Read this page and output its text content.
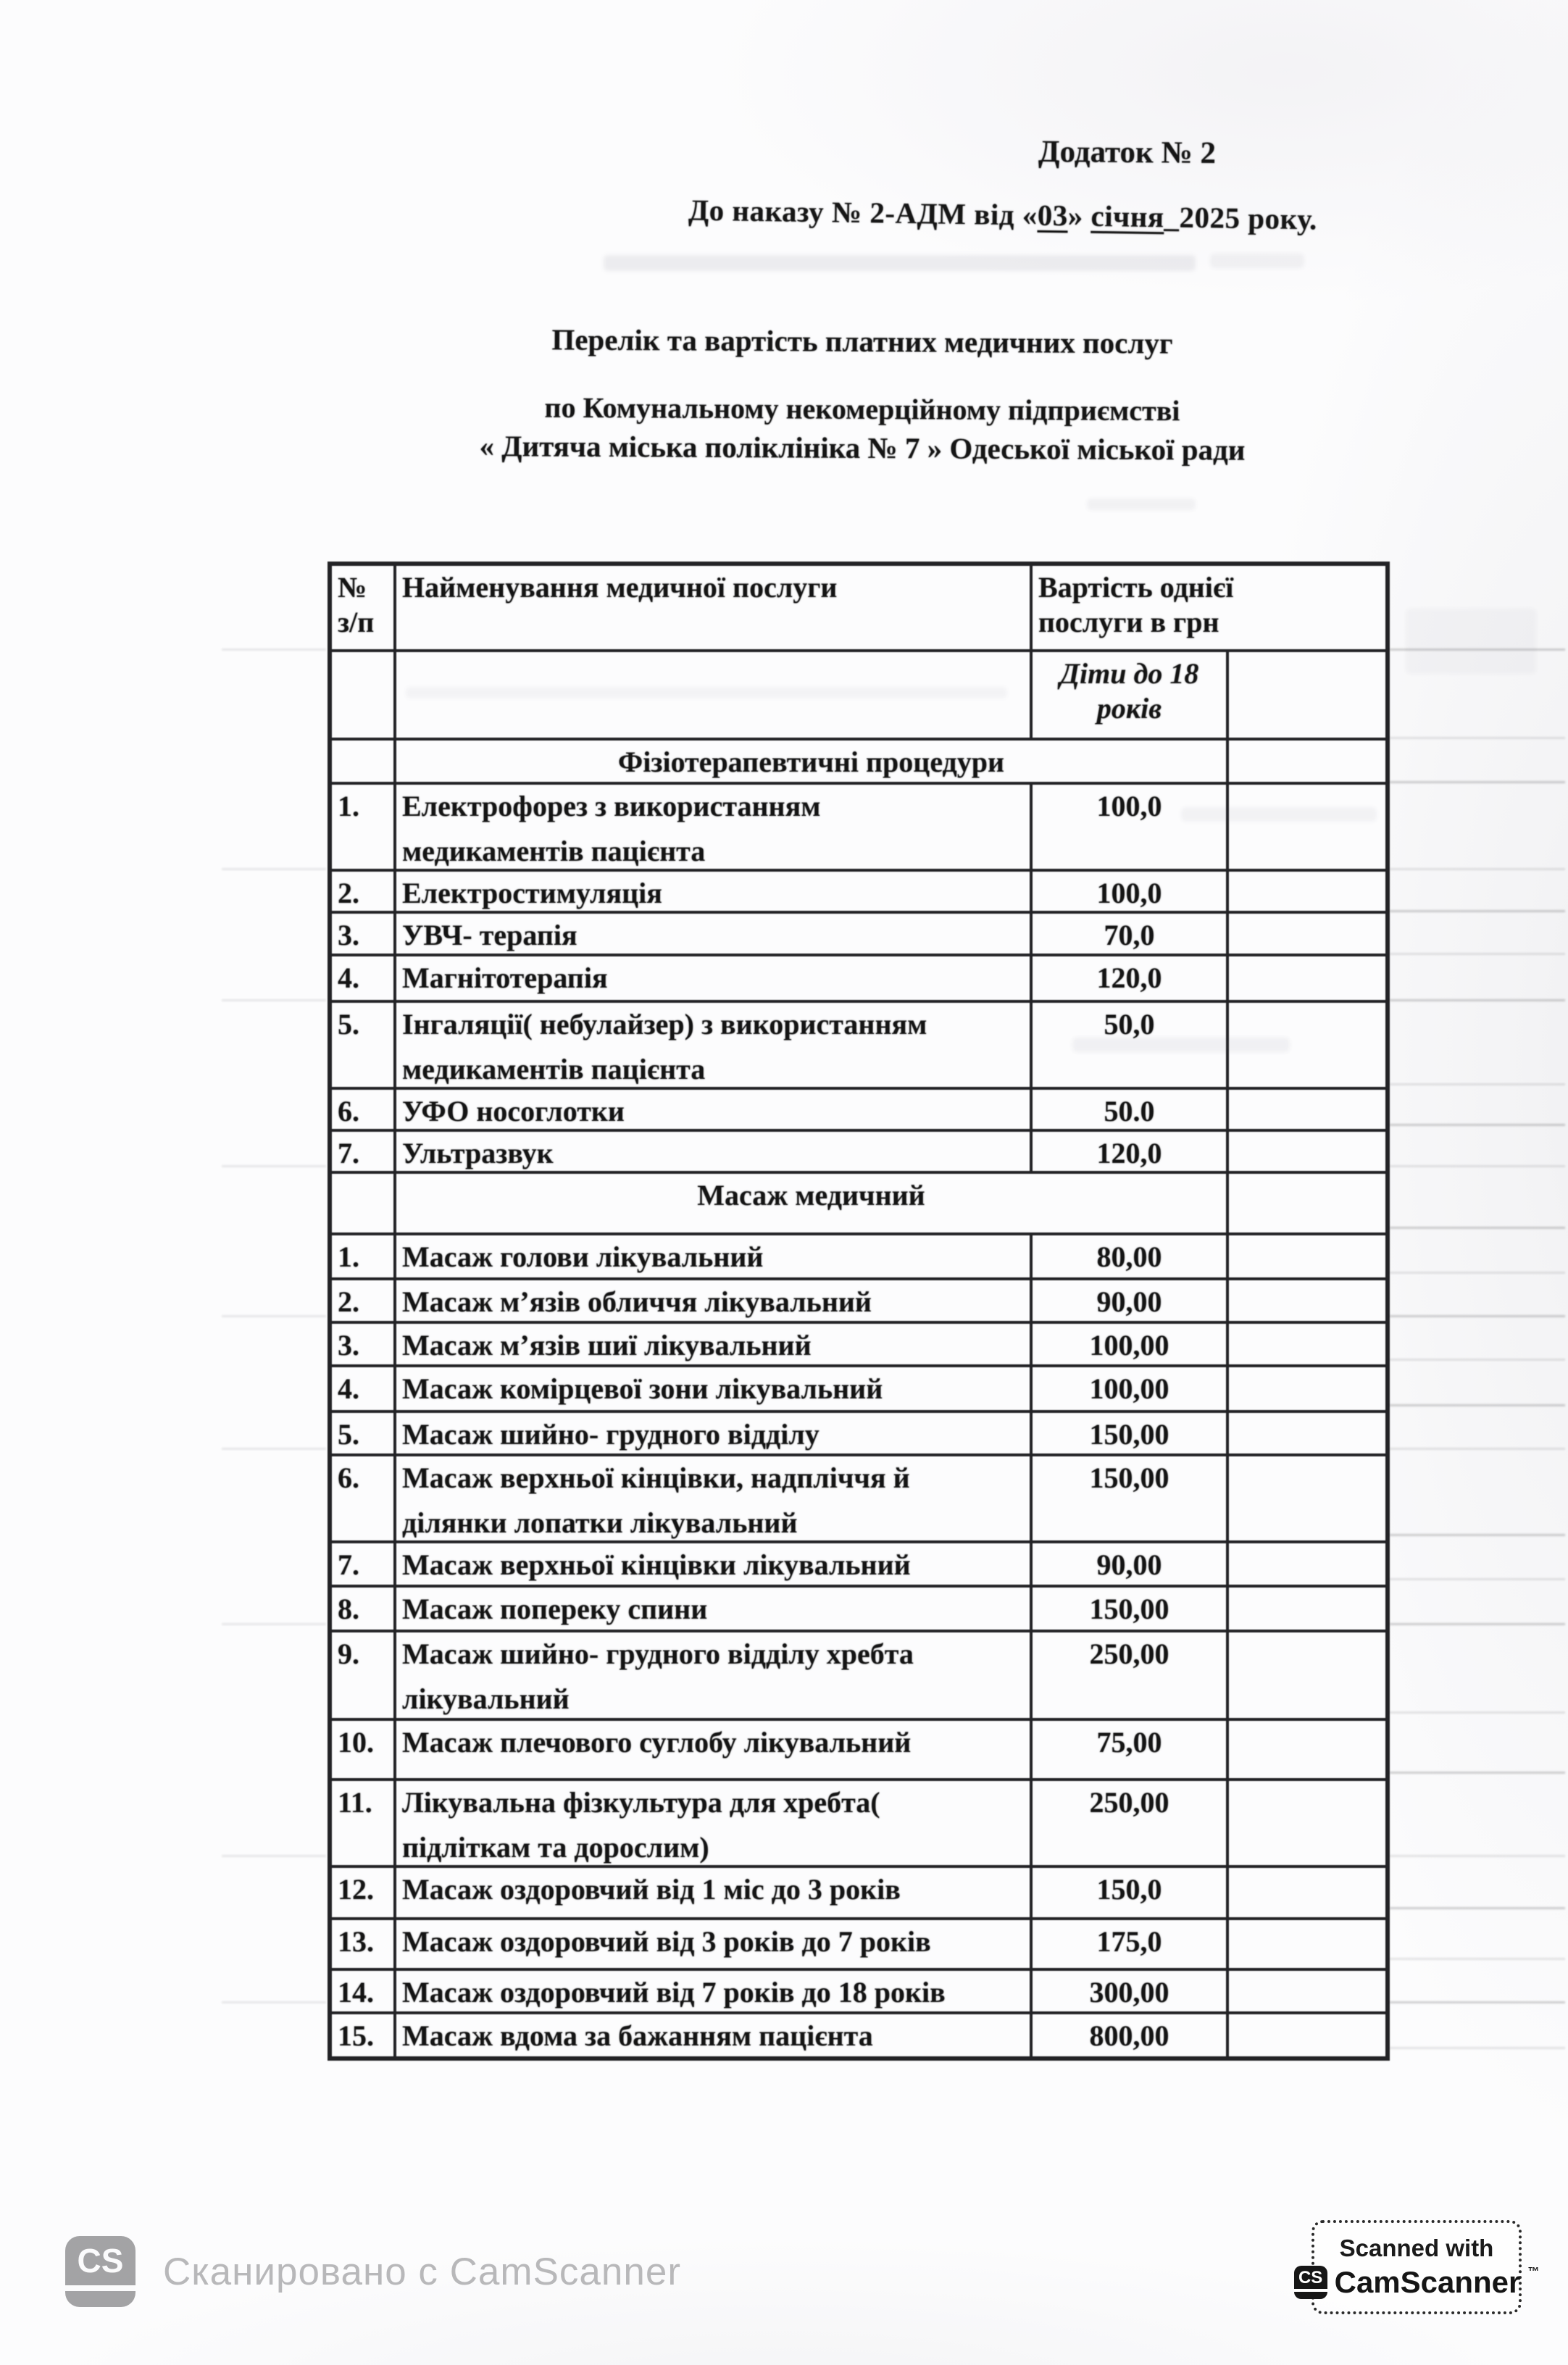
Додаток № 2
До наказу № 2-АДМ від «03» січня_2025 року.
Перелік та вартість платних медичних послуг
по Комунальному некомерційному підприємстві
« Дитяча міська поліклініка № 7 » Одеської міської ради
№
з/п	Найменування медичної послуги	Вартість однієї
послуги в грн	
		Діти до 18
років	
	Фізіотерапевтичні процедури		
1.	Електрофорез з використанням
медикаментів пацієнта	100,0	
2.	Електростимуляція	100,0	
3.	УВЧ- терапія	70,0	
4.	Магнітотерапія	120,0	
5.	Інгаляції( небулайзер) з використанням
медикаментів пацієнта	50,0	
6.	УФО носоглотки	50.0	
7.	Ультразвук	120,0	
	Масаж медичний		
1.	Масаж голови лікувальний	80,00	
2.	Масаж м’язів обличчя лікувальний	90,00	
3.	Масаж м’язів шиї лікувальний	100,00	
4.	Масаж комірцевої зони лікувальний	100,00	
5.	Масаж шийно- грудного відділу	150,00	
6.	Масаж верхньої кінцівки, надпліччя й
ділянки лопатки лікувальний	150,00	
7.	Масаж верхньої кінцівки лікувальний	90,00	
8.	Масаж попереку спини	150,00	
9.	Масаж шийно- грудного відділу хребта
лікувальний	250,00	
10.	Масаж плечового суглобу лікувальний	75,00	
11.	Лікувальна фізкультура для хребта(
підліткам та дорослим)	250,00	
12.	Масаж оздоровчий від 1 міс до 3 років	150,0	
13.	Масаж оздоровчий від 3 років до 7 років	175,0	
14.	Масаж оздоровчий від 7 років до 18 років	300,00	
15.	Масаж вдома за бажанням пацієнта	800,00	
CS	Сканировано с CamScanner
Scanned with
CS CamScanner ™
